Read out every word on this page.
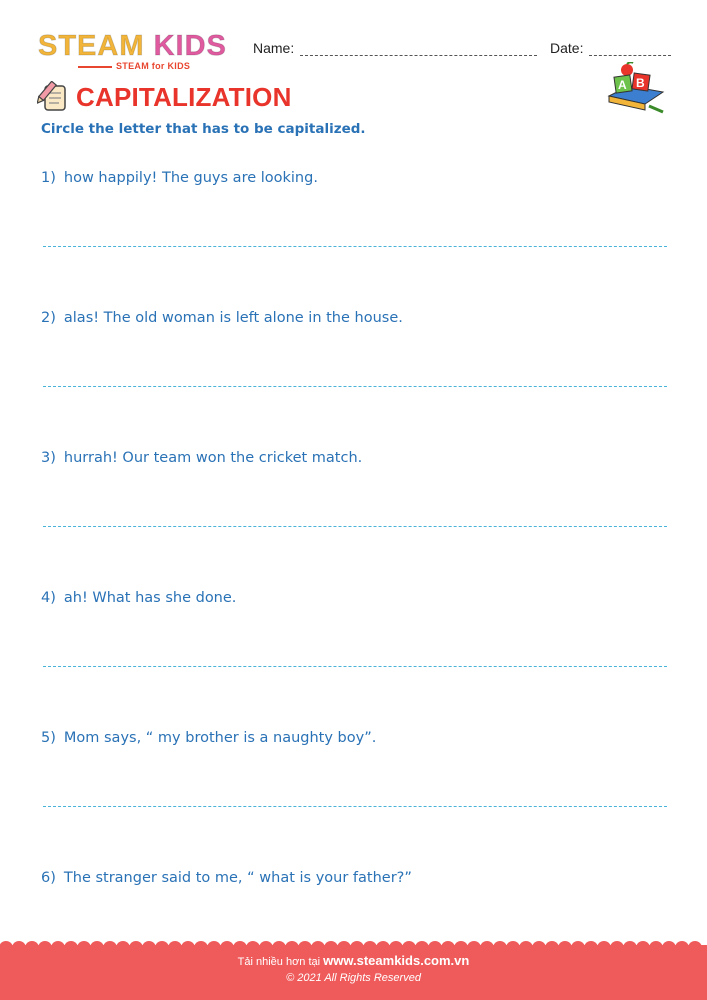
STEAM KIDS
STEAM for KIDS
Name:	Date:
CAPITALIZATION	A B
Circle the letter that has to be capitalized.
1) how happily! The guys are looking.
2) alas! The old woman is left alone in the house.
3) hurrah! Our team won the cricket match.
4) ah! What has she done.
5) Mom says, “ my brother is a naughty boy”.
6) The stranger said to me, “ what is your father?”
Tải nhiều hơn tại www.steamkids.com.vn
© 2021 All Rights Reserved
